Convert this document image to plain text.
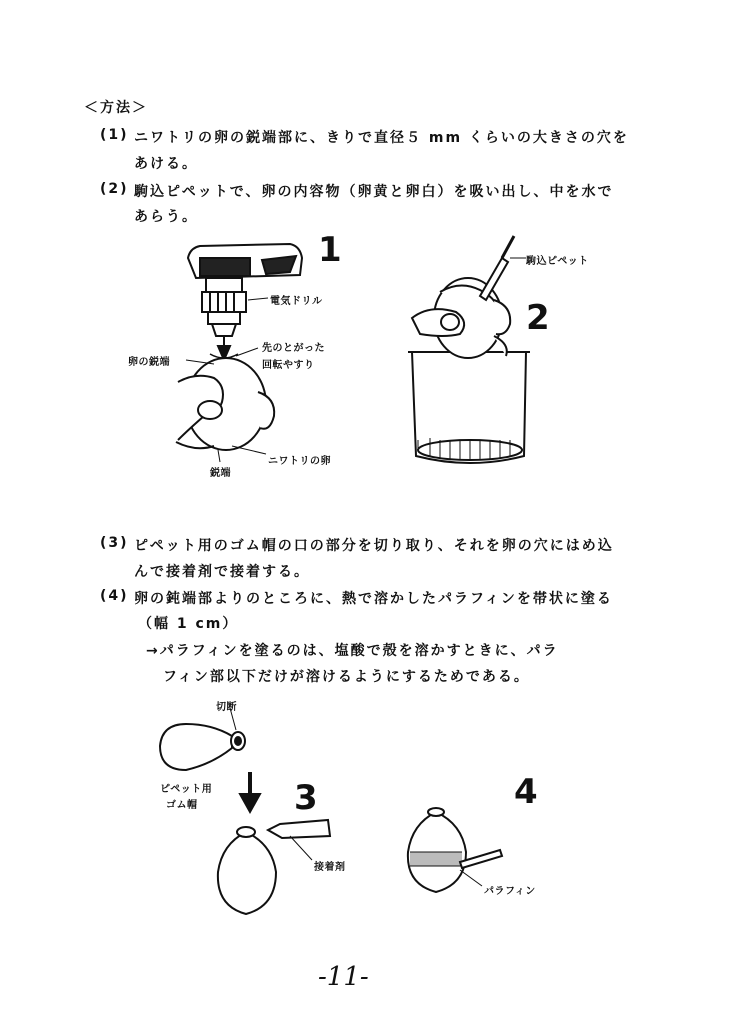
＜方法＞
(1) ニワトリの卵の鋭端部に、きりで直径５ mm くらいの大きさの穴を
あける。
(2) 駒込ピペットで、卵の内容物（卵黄と卵白）を吸い出し、中を水で
あらう。
(3) ピペット用のゴム帽の口の部分を切り取り、それを卵の穴にはめ込
んで接着剤で接着する。
(4) 卵の鈍端部よりのところに、熱で溶かしたパラフィンを帯状に塗る
（幅 1 cm）
→パラフィンを塗るのは、塩酸で殻を溶かすときに、パラ
フィン部以下だけが溶けるようにするためである。
1
電気ドリル
先のとがった
回転やすり
卵の鋭端
鋭端
ニワトリの卵
2
駒込ピペット
3
切断
ピペット用
ゴム帽
接着剤
4
パラフィン
-11-
